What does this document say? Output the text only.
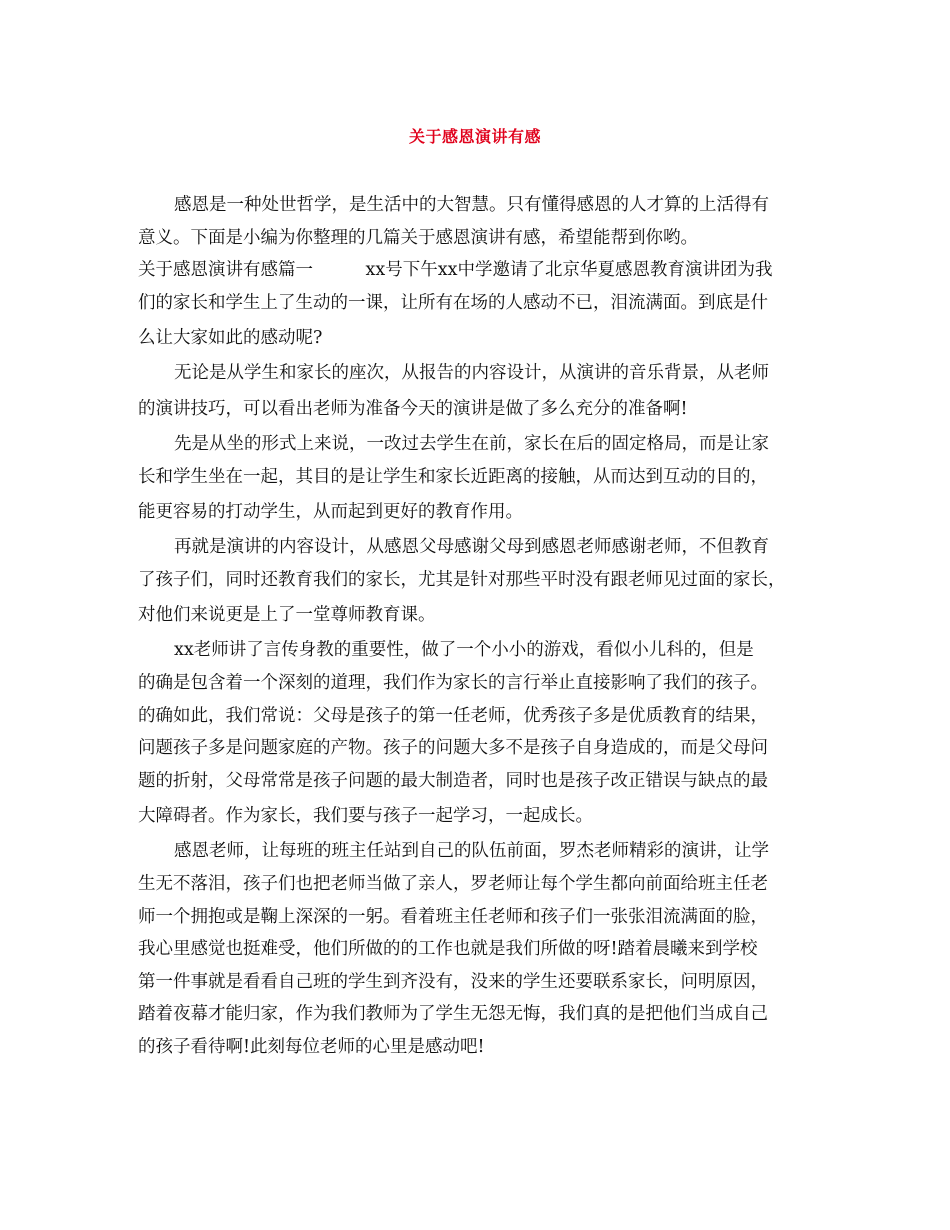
关于感恩演讲有感
感恩是一种处世哲学，是生活中的大智慧。只有懂得感恩的人才算的上活得有
意义。下面是小编为你整理的几篇关于感恩演讲有感，希望能帮到你哟。
关于感恩演讲有感篇一　　　xx号下午xx中学邀请了北京华夏感恩教育演讲团为我
们的家长和学生上了生动的一课，让所有在场的人感动不已，泪流满面。到底是什
么让大家如此的感动呢?
无论是从学生和家长的座次，从报告的内容设计，从演讲的音乐背景，从老师
的演讲技巧，可以看出老师为准备今天的演讲是做了多么充分的准备啊!
先是从坐的形式上来说，一改过去学生在前，家长在后的固定格局，而是让家
长和学生坐在一起，其目的是让学生和家长近距离的接触，从而达到互动的目的，
能更容易的打动学生，从而起到更好的教育作用。
再就是演讲的内容设计，从感恩父母感谢父母到感恩老师感谢老师，不但教育
了孩子们，同时还教育我们的家长，尤其是针对那些平时没有跟老师见过面的家长，
对他们来说更是上了一堂尊师教育课。
xx老师讲了言传身教的重要性，做了一个小小的游戏，看似小儿科的，但是
的确是包含着一个深刻的道理，我们作为家长的言行举止直接影响了我们的孩子。
的确如此，我们常说：父母是孩子的第一任老师，优秀孩子多是优质教育的结果，
问题孩子多是问题家庭的产物。孩子的问题大多不是孩子自身造成的，而是父母问
题的折射，父母常常是孩子问题的最大制造者，同时也是孩子改正错误与缺点的最
大障碍者。作为家长，我们要与孩子一起学习，一起成长。
感恩老师，让每班的班主任站到自己的队伍前面，罗杰老师精彩的演讲，让学
生无不落泪，孩子们也把老师当做了亲人，罗老师让每个学生都向前面给班主任老
师一个拥抱或是鞠上深深的一躬。看着班主任老师和孩子们一张张泪流满面的脸，
我心里感觉也挺难受，他们所做的的工作也就是我们所做的呀!踏着晨曦来到学校
第一件事就是看看自己班的学生到齐没有，没来的学生还要联系家长，问明原因，
踏着夜幕才能归家，作为我们教师为了学生无怨无悔，我们真的是把他们当成自己
的孩子看待啊!此刻每位老师的心里是感动吧!
